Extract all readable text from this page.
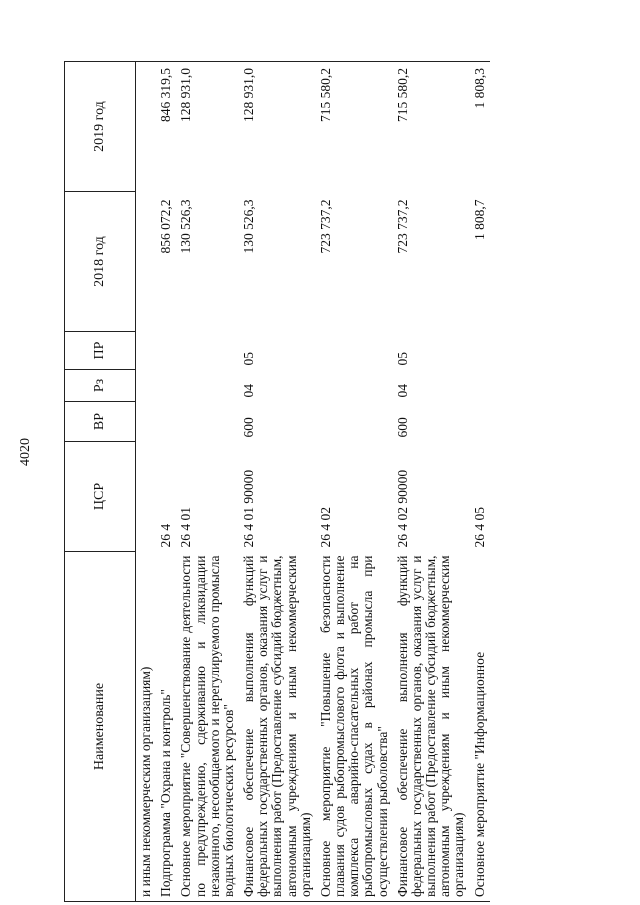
4020
Наименование	ЦСР	ВР	Рз	ПР	2018 год	2019 год
и иным некоммерческим организациям)						
Подпрограмма "Охрана и контроль"	26 4				856 072,2	846 319,5
Основное мероприятие "Совершенствование деятельности по предупреждению, сдерживанию и ликвидации незаконного, несообщаемого и нерегулируемого промысла водных биологических ресурсов"	26 4 01				130 526,3	128 931,0
Финансовое обеспечение выполнения функций федеральных государственных органов, оказания услуг и выполнения работ (Предоставление субсидий бюджетным, автономным учреждениям и иным некоммерческим организациям)	26 4 01 90000	600	04	05	130 526,3	128 931,0
Основное мероприятие "Повышение безопасности плавания судов рыбопромыслового флота и выполнение комплекса аварийно-спасательных работ на рыбопромысловых судах в районах промысла при осуществлении рыболовства"	26 4 02				723 737,2	715 580,2
Финансовое обеспечение выполнения функций федеральных государственных органов, оказания услуг и выполнения работ (Предоставление субсидий бюджетным, автономным учреждениям и иным некоммерческим организациям)	26 4 02 90000	600	04	05	723 737,2	715 580,2
Основное мероприятие "Информационное	26 4 05				1 808,7	1 808,3
